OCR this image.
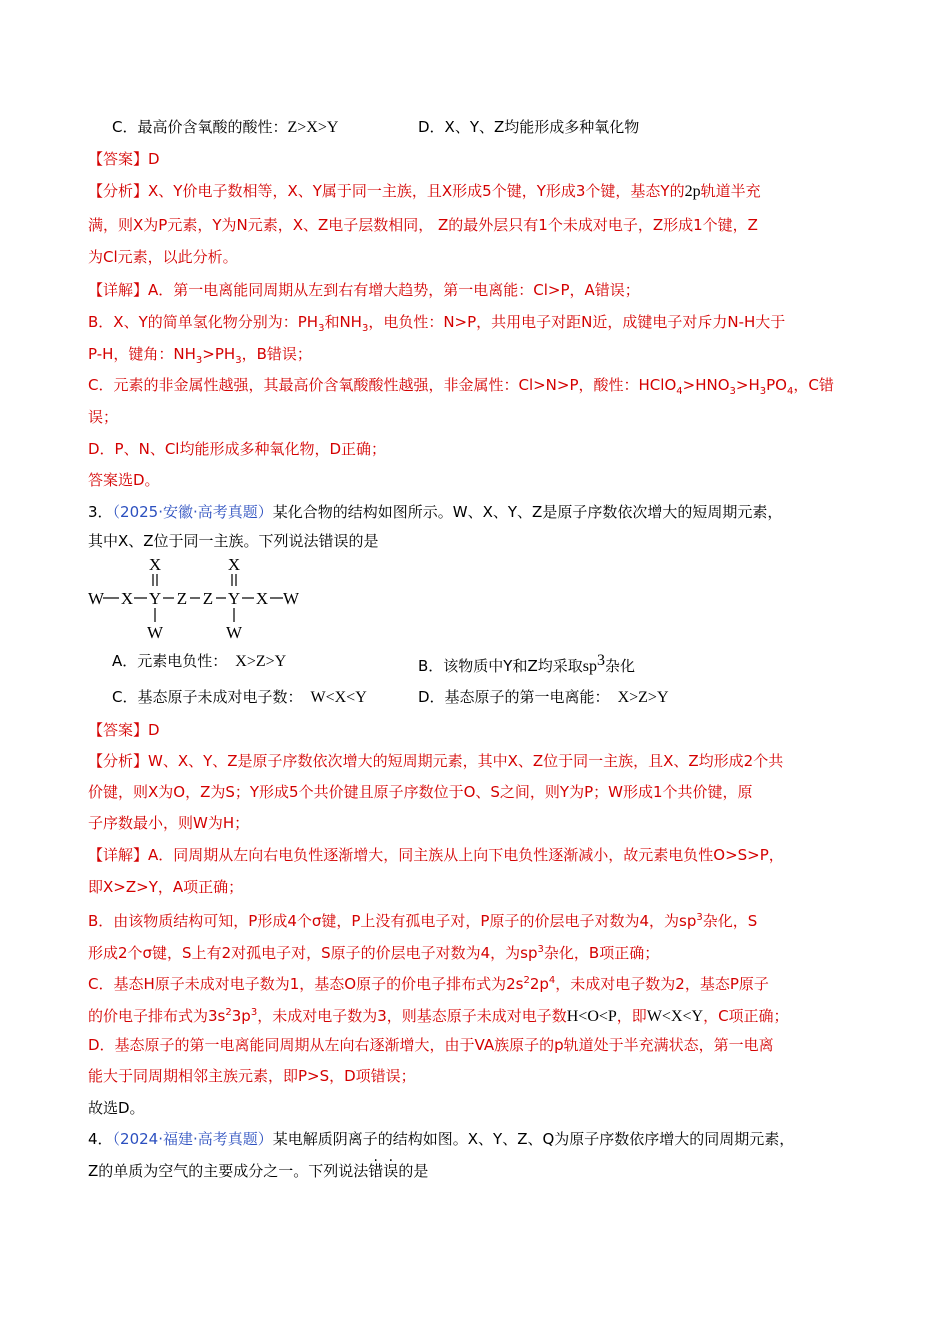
C．最高价含氧酸的酸性：Z>X>Y	D．X、Y、Z均能形成多种氧化物
【答案】D
【分析】X、Y价电子数相等，X、Y属于同一主族，且X形成5个键，Y形成3个键，基态Y的2p轨道半充
满，则X为P元素，Y为N元素，X、Z电子层数相同， Z的最外层只有1个未成对电子，Z形成1个键，Z
为Cl元素，以此分析。
【详解】A．第一电离能同周期从左到右有增大趋势，第一电离能：Cl>P，A错误；
B．X、Y的简单氢化物分别为：$PH_3$和$NH_3$，电负性：N>P，共用电子对距N近，成键电子对斥力N-H大于
P-H，键角：$NH_3>PH_3$，B错误；
C．元素的非金属性越强，其最高价含氧酸酸性越强，非金属性：Cl>N>P，酸性：$HClO_4>HNO_3>H_3PO_4$，C错
误；
D．P、N、Cl均能形成多种氧化物，D正确；
答案选D。
3．（2025·安徽·高考真题）某化合物的结构如图所示。W、X、Y、Z是原子序数依次增大的短周期元素，
其中X、Z位于同一主族。下列说法错误的是
X	X
W X Y Z Z Y X W
W	W
A．元素电负性： X>Z>Y	B．该物质中Y和Z均采取$sp^3$杂化
C．基态原子未成对电子数： W<X<Y	D．基态原子的第一电离能： X>Z>Y
【答案】D
【分析】W、X、Y、Z是原子序数依次增大的短周期元素，其中X、Z位于同一主族，且X、Z均形成2个共
价键，则X为O，Z为S；Y形成5个共价键且原子序数位于O、S之间，则Y为P；W形成1个共价键，原
子序数最小，则W为H；
【详解】A．同周期从左向右电负性逐渐增大，同主族从上向下电负性逐渐减小，故元素电负性O>S>P，
即X>Z>Y，A项正确；
B．由该物质结构可知，P形成4个σ键，P上没有孤电子对，P原子的价层电子对数为4，为$sp^3$杂化，S
形成2个σ键，S上有2对孤电子对，S原子的价层电子对数为4，为$sp^3$杂化，B项正确；
C．基态H原子未成对电子数为1，基态O原子的价电子排布式为$2s^22p^4$，未成对电子数为2，基态P原子
的价电子排布式为$3s^23p^3$，未成对电子数为3，则基态原子未成对电子数H<O<P，即W<X<Y，C项正确；
D．基态原子的第一电离能同周期从左向右逐渐增大，由于VA族原子的p轨道处于半充满状态，第一电离
能大于同周期相邻主族元素，即P>S，D项错误；
故选D。
4．（2024·福建·高考真题）某电解质阴离子的结构如图。X、Y、Z、Q为原子序数依序增大的同周期元素，
Z的单质为空气的主要成分之一。下列说法错误的是
